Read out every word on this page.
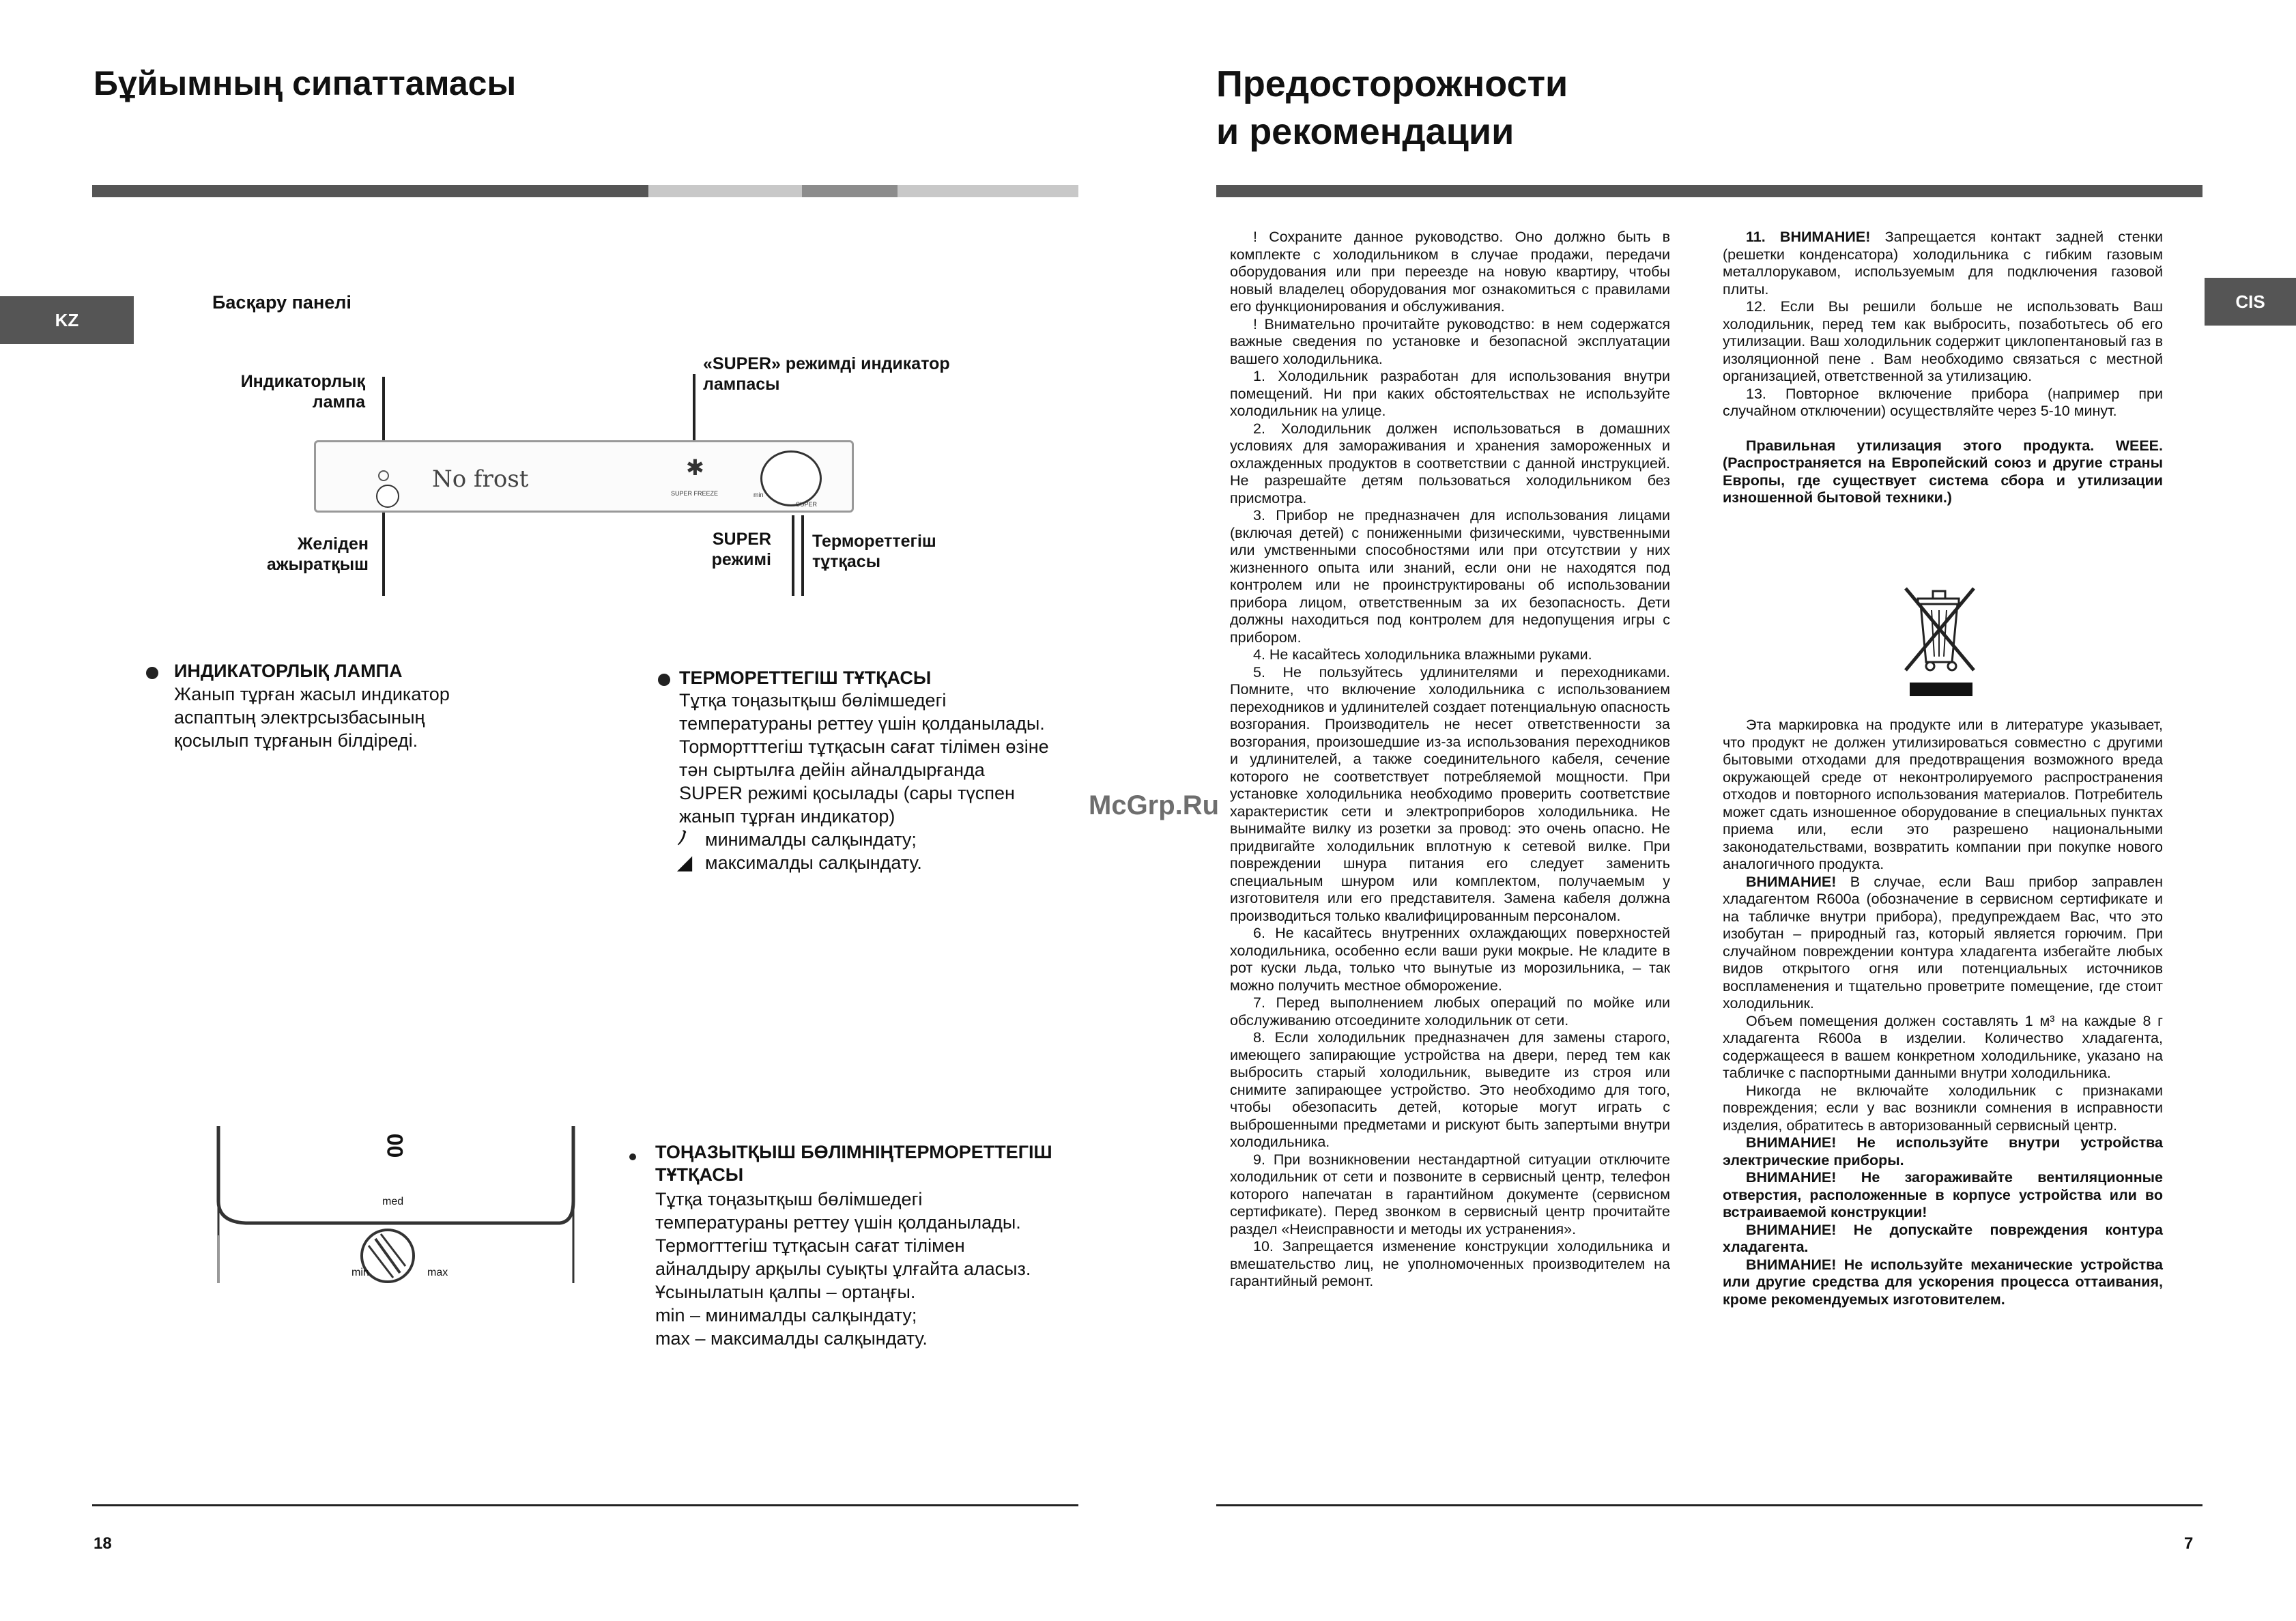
Бұйымның сипаттамасы
KZ
Басқару панелі
Индикаторлық
лампа
«SUPER» режимді индикатор
лампасы
Желіден
ажыратқыш
SUPER
режимі
Термореттегіш
тұтқасы
No frost	✱
SUPER FREEZE	min
SUPER
ИНДИКАТОРЛЫҚ ЛАМПА

Жанып тұрған жасыл индикатор

аспаптың электрсызбасының

қосылып тұрғанын білдіреді.

ТЕРМОРЕТТЕГІШ ТҰТҚАСЫ

Тұтқа тоңазытқыш бөлімшедегі

температураны реттеу үшін қолданылады.

Тормортттегіш тұтқасын сағат тілімен өзіне

тән сыртылға дейін айналдырғанда

SUPER режимі қосылады (сары түспен

жанып тұрған индикатор)

ﾉ минималды салқындату;

◢ максималды салқындату.

00
med
min	max
ТОҢАЗЫТҚЫШ БӨЛІМНІҢТЕРМОРЕТТЕГІШ
ТҰТҚАСЫ

Тұтқа тоңазытқыш бөлімшедегі

температураны реттеу үшін қолданылады.

Термorттегіш тұтқасын сағат тілімен

айналдыру арқылы суықты ұлғайта аласыз.

Ұсынылатын қалпы – ортаңғы.

min – минималды салқындату;

max – максималды салқындату.

18
Предосторожности
и рекомендации
CIS
McGrp.Ru

! Сохраните данное руководство. Оно должно быть в комплекте с холодильником в случае продажи, передачи оборудования или при переезде на новую квартиру, чтобы новый владелец оборудования мог ознакомиться с правилами его функционирования и обслуживания.

! Внимательно прочитайте руководство: в нем содержатся важные сведения по установке и безопасной эксплуатации вашего холодильника.

1. Холодильник разработан для использования внутри помещений. Ни при каких обстоятельствах не используйте холодильник на улице.

2. Холодильник должен использоваться в домашних условиях для замораживания и хранения замороженных и охлажденных продуктов в соответствии с данной инструкцией. Не разрешайте детям пользоваться холодильником без присмотра.

3. Прибор не предназначен для использования лицами (включая детей) с пониженными физическими, чувственными или умственными способностями или при отсутствии у них жизненного опыта или знаний, если они не находятся под контролем или не проинструктированы об использовании прибора лицом, ответственным за их безопасность. Дети должны находиться под контролем для недопущения игры с прибором.

4. Не касайтесь холодильника влажными руками.

5. Не пользуйтесь удлинителями и переходниками. Помните, что включение холодильника с использованием переходников и удлинителей создает потенциальную опасность возгорания. Производитель не несет ответственности за возгорания, произошедшие из-за использования переходников и удлинителей, а также соединительного кабеля, сечение которого не соответствует потребляемой мощности. При установке холодильника необходимо проверить соответствие характеристик сети и электроприборов холодильника. Не вынимайте вилку из розетки за провод: это очень опасно. Не придвигайте холодильник вплотную к сетевой вилке. При повреждении шнура питания его следует заменить специальным шнуром или комплектом, получаемым у изготовителя или его представителя. Замена кабеля должна производиться только квалифицированным персоналом.

6. Не касайтесь внутренних охлаждающих поверхностей холодильника, особенно если ваши руки мокрые. Не кладите в рот куски льда, только что вынутые из морозильника, – так можно получить местное обморожение.

7. Перед выполнением любых операций по мойке или обслуживанию отсоедините холодильник от сети.

8. Если холодильник предназначен для замены старого, имеющего запирающие устройства на двери, перед тем как выбросить старый холодильник, выведите из строя или снимите запирающее устройство. Это необходимо для того, чтобы обезопасить детей, которые могут играть с выброшенными предметами и рискуют быть запертыми внутри холодильника.

9. При возникновении нестандартной ситуации отключите холодильник от сети и позвоните в сервисный центр, телефон которого напечатан в гарантийном документе (сервисном сертификате). Перед звонком в сервисный центр прочитайте раздел «Неисправности и методы их устранения».

10. Запрещается изменение конструкции холодильника и вмешательство лиц, не уполномоченных производителем на гарантийный ремонт.

11. ВНИМАНИЕ! Запрещается контакт задней стенки (решетки конденсатора) холодильника с гибким газовым металлорукавом, используемым для подключения газовой плиты.

12. Если Вы решили больше не использовать Ваш холодильник, перед тем как выбросить, позаботьтесь об его утилизации. Ваш холодильник содержит циклопентановый газ в изоляционной пене . Вам необходимо связаться с местной организацией, ответственной за утилизацию.

13. Повторное включение прибора (например при случайном отключении) осуществляйте через 5-10 минут.

Правильная утилизация этого продукта. WEEE. (Распространяется на Европейский союз и другие страны Европы, где существует система сбора и утилизации изношенной бытовой техники.)

Эта маркировка на продукте или в литературе указывает, что продукт не должен утилизироваться совместно с другими бытовыми отходами для предотвращения возможного вреда окружающей среде от неконтролируемого распространения отходов и повторного использования материалов. Потребитель может сдать изношенное оборудование в специальных пунктах приема или, если это разрешено национальными законодательствами, возвратить компании при покупке нового аналогичного продукта.

ВНИМАНИЕ! В случае, если Ваш прибор заправлен хладагентом R600a (обозначение в сервисном сертификате и на табличке внутри прибора), предупреждаем Вас, что это изобутан – природный газ, который является горючим. При случайном повреждении контура хладагента избегайте любых видов открытого огня или потенциальных источников воспламенения и тщательно проветрите помещение, где стоит холодильник.

Объем помещения должен составлять 1 м³ на каждые 8 г хладагента R600a в изделии. Количество хладагента, содержащееся в вашем конкретном холодильнике, указано на табличке с паспортными данными внутри холодильника.

Никогда не включайте холодильник с признаками повреждения; если у вас возникли сомнения в исправности изделия, обратитесь в авторизованный сервисный центр.

ВНИМАНИЕ! Не используйте внутри устройства электрические приборы.

ВНИМАНИЕ! Не загораживайте вентиляционные отверстия, расположенные в корпусе устройства или во встраиваемой конструкции!

ВНИМАНИЕ! Не допускайте повреждения контура хладагента.

ВНИМАНИЕ! Не используйте механические устройства или другие средства для ускорения процесса оттаивания, кроме рекомендуемых изготовителем.

7
